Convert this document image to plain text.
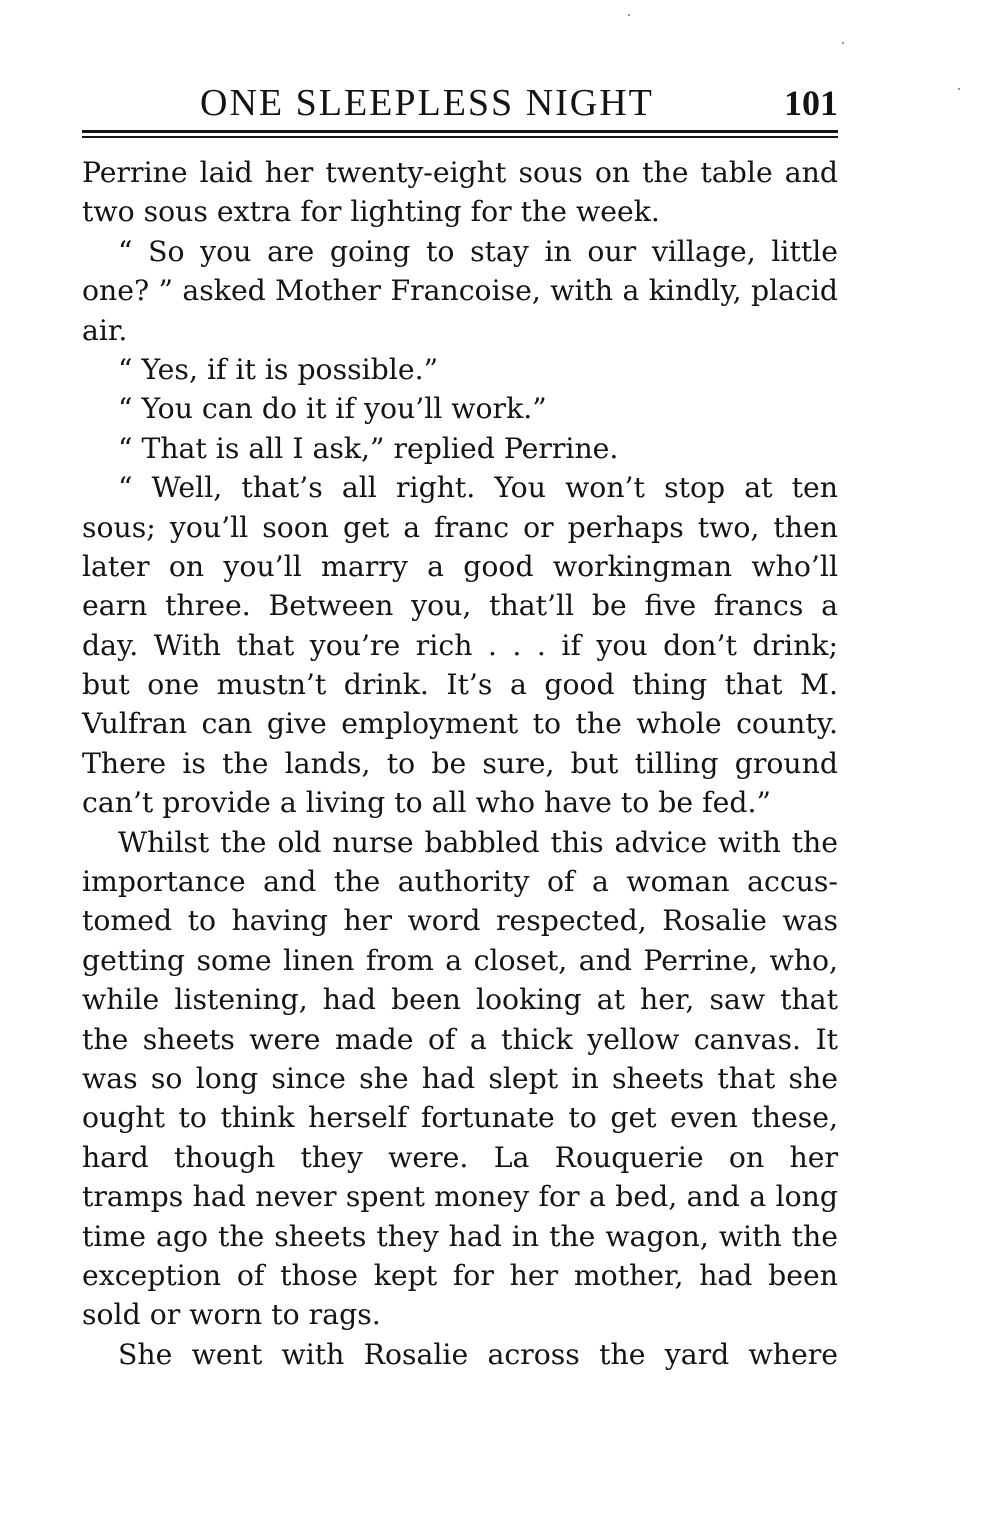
ONE SLEEPLESS NIGHT	101
Perrine laid her twenty-eight sous on the table and
two sous extra for lighting for the week.
“ So you are going to stay in our village, little
one? ” asked Mother Francoise, with a kindly, placid
air.
“ Yes, if it is possible.”
“ You can do it if you’ll work.”
“ That is all I ask,” replied Perrine.
“ Well, that’s all right. You won’t stop at ten
sous; you’ll soon get a franc or perhaps two, then
later on you’ll marry a good workingman who’ll
earn three. Between you, that’ll be five francs a
day. With that you’re rich . . . if you don’t drink;
but one mustn’t drink. It’s a good thing that M.
Vulfran can give employment to the whole county.
There is the lands, to be sure, but tilling ground
can’t provide a living to all who have to be fed.”
Whilst the old nurse babbled this advice with the
importance and the authority of a woman accus-
tomed to having her word respected, Rosalie was
getting some linen from a closet, and Perrine, who,
while listening, had been looking at her, saw that
the sheets were made of a thick yellow canvas. It
was so long since she had slept in sheets that she
ought to think herself fortunate to get even these,
hard though they were. La Rouquerie on her
tramps had never spent money for a bed, and a long
time ago the sheets they had in the wagon, with the
exception of those kept for her mother, had been
sold or worn to rags.
She went with Rosalie across the yard where
